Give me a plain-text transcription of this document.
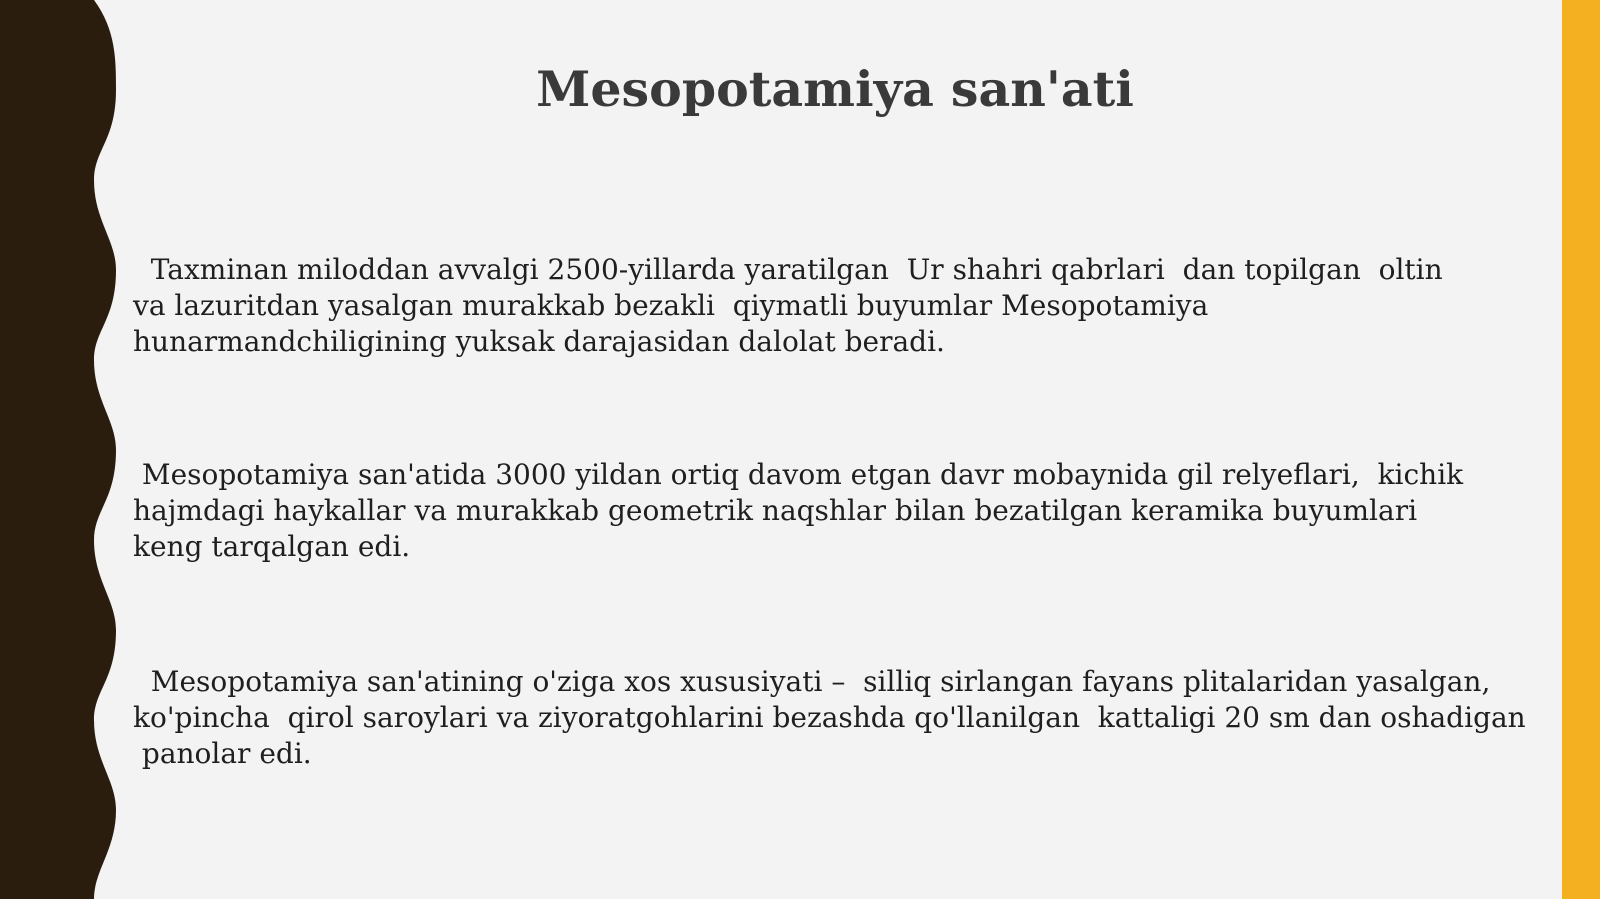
Mesopotamiya san'ati

Taxminan miloddan avvalgi 2500-yillarda yaratilgan  Ur shahri qabrlari  dan topilgan  oltin
va lazuritdan yasalgan murakkab bezakli  qiymatli buyumlar Mesopotamiya
hunarmandchiligining yuksak darajasidan dalolat beradi.

Mesopotamiya san'atida 3000 yildan ortiq davom etgan davr mobaynida gil relyeflari,  kichik
hajmdagi haykallar va murakkab geometrik naqshlar bilan bezatilgan keramika buyumlari
keng tarqalgan edi.

Mesopotamiya san'atining o'ziga xos xususiyati –  silliq sirlangan fayans plitalaridan yasalgan,
ko'pincha  qirol saroylari va ziyoratgohlarini bezashda qo'llanilgan  kattaligi 20 sm dan oshadigan
panolar edi.
